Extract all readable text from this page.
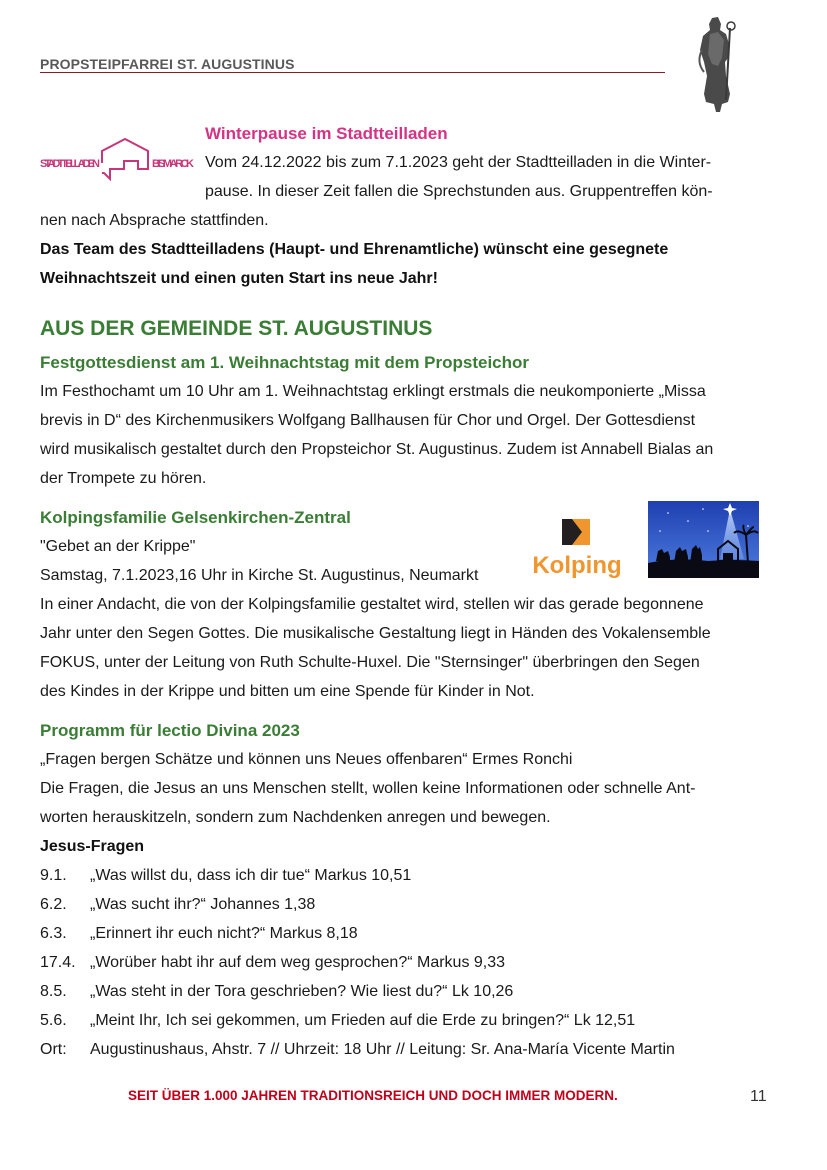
PROPSTEIPFARREI ST. AUGUSTINUS
STADTTEILLADEN	BISMARCK
Winterpause im Stadtteilladen
Vom 24.12.2022 bis zum 7.1.2023 geht der Stadtteilladen in die Winter-
pause. In dieser Zeit fallen die Sprechstunden aus. Gruppentreffen kön-
nen nach Absprache stattfinden.
Das Team des Stadtteilladens (Haupt- und Ehrenamtliche) wünscht eine gesegnete
Weihnachtszeit und einen guten Start ins neue Jahr!
AUS DER GEMEINDE ST. AUGUSTINUS
Festgottesdienst am 1. Weihnachtstag mit dem Propsteichor
Im Festhochamt um 10 Uhr am 1. Weihnachtstag erklingt erstmals die neukomponierte „Missa
brevis in D“ des Kirchenmusikers Wolfgang Ballhausen für Chor und Orgel. Der Gottesdienst
wird musikalisch gestaltet durch den Propsteichor St. Augustinus. Zudem ist Annabell Bialas an
der Trompete zu hören.
Kolpingsfamilie Gelsenkirchen-Zentral
"Gebet an der Krippe"
Samstag, 7.1.2023,16 Uhr in Kirche St. Augustinus, Neumarkt Kolping
In einer Andacht, die von der Kolpingsfamilie gestaltet wird, stellen wir das gerade begonnene
Jahr unter den Segen Gottes. Die musikalische Gestaltung liegt in Händen des Vokalensemble
FOKUS, unter der Leitung von Ruth Schulte-Huxel. Die ʺSternsingerʺ überbringen den Segen
des Kindes in der Krippe und bitten um eine Spende für Kinder in Not.
Programm für lectio Divina 2023
„Fragen bergen Schätze und können uns Neues offenbaren“ Ermes Ronchi
Die Fragen, die Jesus an uns Menschen stellt, wollen keine Informationen oder schnelle Ant-
worten herauskitzeln, sondern zum Nachdenken anregen und bewegen.
Jesus-Fragen
9.1. „Was willst du, dass ich dir tue“ Markus 10,51
6.2. „Was sucht ihr?“ Johannes 1,38
6.3. „Erinnert ihr euch nicht?“ Markus 8,18
17.4. „Worüber habt ihr auf dem weg gesprochen?“ Markus 9,33
8.5. „Was steht in der Tora geschrieben? Wie liest du?“ Lk 10,26
5.6. „Meint Ihr, Ich sei gekommen, um Frieden auf die Erde zu bringen?“ Lk 12,51
Ort: Augustinushaus, Ahstr. 7 // Uhrzeit: 18 Uhr // Leitung: Sr. Ana-María Vicente Martin
SEIT ÜBER 1.000 JAHREN TRADITIONSREICH UND DOCH IMMER MODERN.	11
